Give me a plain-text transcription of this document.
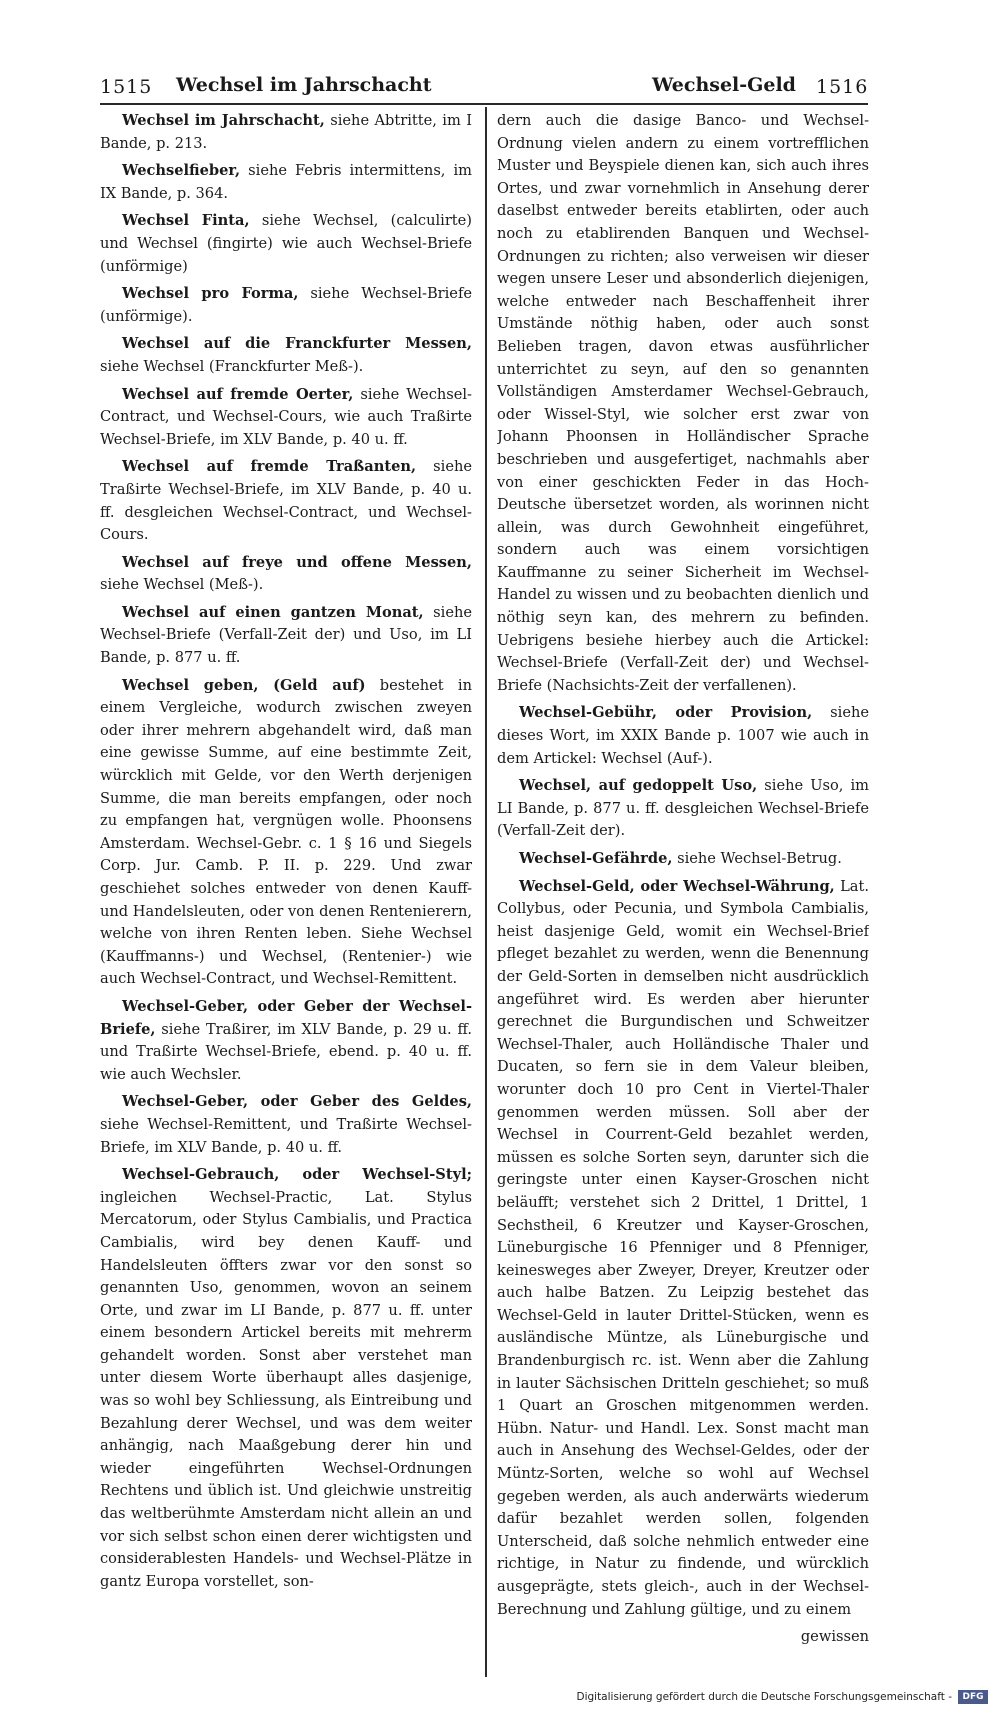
1515 Wechsel im Jahrschacht	Wechsel-Geld 1516

Wechsel im Jahrschacht, siehe Abtritte, im I Bande, p. 213.

Wechselfieber, siehe Febris intermittens, im IX Bande, p. 364.

Wechsel Finta, siehe Wechsel, (calculirte) und Wechsel (fingirte) wie auch Wechsel-Briefe (unförmige)

Wechsel pro Forma, siehe Wechsel-Briefe (unförmige).

Wechsel auf die Franckfurter Messen, siehe Wechsel (Franckfurter Meß-).

Wechsel auf fremde Oerter, siehe Wechsel-Contract, und Wechsel-Cours, wie auch Traßirte Wechsel-Briefe, im XLV Bande, p. 40 u. ff.

Wechsel auf fremde Traßanten, siehe Traßirte Wechsel-Briefe, im XLV Bande, p. 40 u. ff. desgleichen Wechsel-Contract, und Wechsel-Cours.

Wechsel auf freye und offene Messen, siehe Wechsel (Meß-).

Wechsel auf einen gantzen Monat, siehe Wechsel-Briefe (Verfall-Zeit der) und Uso, im LI Bande, p. 877 u. ff.

Wechsel geben, (Geld auf) bestehet in einem Vergleiche, wodurch zwischen zweyen oder ihrer mehrern abgehandelt wird, daß man eine gewisse Summe, auf eine bestimmte Zeit, würcklich mit Gelde, vor den Werth derjenigen Summe, die man bereits empfangen, oder noch zu empfangen hat, vergnügen wolle. Phoonsens Amsterdam. Wechsel-Gebr. c. 1 § 16 und Siegels Corp. Jur. Camb. P. II. p. 229. Und zwar geschiehet solches entweder von denen Kauff- und Handelsleuten, oder von denen Rentenierern, welche von ihren Renten leben. Siehe Wechsel (Kauffmanns-) und Wechsel, (Rentenier-) wie auch Wechsel-Contract, und Wechsel-Remittent.

Wechsel-Geber, oder Geber der Wechsel-Briefe, siehe Traßirer, im XLV Bande, p. 29 u. ff. und Traßirte Wechsel-Briefe, ebend. p. 40 u. ff. wie auch Wechsler.

Wechsel-Geber, oder Geber des Geldes, siehe Wechsel-Remittent, und Traßirte Wechsel-Briefe, im XLV Bande, p. 40 u. ff.

Wechsel-Gebrauch, oder Wechsel-Styl; ingleichen Wechsel-Practic, Lat. Stylus Mercatorum, oder Stylus Cambialis, und Practica Cambialis, wird bey denen Kauff- und Handelsleuten öffters zwar vor den sonst so genannten Uso, genommen, wovon an seinem Orte, und zwar im LI Bande, p. 877 u. ff. unter einem besondern Artickel bereits mit mehrerm gehandelt worden. Sonst aber verstehet man unter diesem Worte überhaupt alles dasjenige, was so wohl bey Schliessung, als Eintreibung und Bezahlung derer Wechsel, und was dem weiter anhängig, nach Maaßgebung derer hin und wieder eingeführten Wechsel-Ordnungen Rechtens und üblich ist. Und gleichwie unstreitig das weltberühmte Amsterdam nicht allein an und vor sich selbst schon einen derer wichtigsten und considerablesten Handels- und Wechsel-Plätze in gantz Europa vorstellet, son-

dern auch die dasige Banco- und Wechsel-Ordnung vielen andern zu einem vortrefflichen Muster und Beyspiele dienen kan, sich auch ihres Ortes, und zwar vornehmlich in Ansehung derer daselbst entweder bereits etablirten, oder auch noch zu etablirenden Banquen und Wechsel-Ordnungen zu richten; also verweisen wir dieser wegen unsere Leser und absonderlich diejenigen, welche entweder nach Beschaffenheit ihrer Umstände nöthig haben, oder auch sonst Belieben tragen, davon etwas ausführlicher unterrichtet zu seyn, auf den so genannten Vollständigen Amsterdamer Wechsel-Gebrauch, oder Wissel-Styl, wie solcher erst zwar von Johann Phoonsen in Holländischer Sprache beschrieben und ausgefertiget, nachmahls aber von einer geschickten Feder in das Hoch-Deutsche übersetzet worden, als worinnen nicht allein, was durch Gewohnheit eingeführet, sondern auch was einem vorsichtigen Kauffmanne zu seiner Sicherheit im Wechsel-Handel zu wissen und zu beobachten dienlich und nöthig seyn kan, des mehrern zu befinden. Uebrigens besiehe hierbey auch die Artickel: Wechsel-Briefe (Verfall-Zeit der) und Wechsel-Briefe (Nachsichts-Zeit der verfallenen).

Wechsel-Gebühr, oder Provision, siehe dieses Wort, im XXIX Bande p. 1007 wie auch in dem Artickel: Wechsel (Auf-).

Wechsel, auf gedoppelt Uso, siehe Uso, im LI Bande, p. 877 u. ff. desgleichen Wechsel-Briefe (Verfall-Zeit der).

Wechsel-Gefährde, siehe Wechsel-Betrug.

Wechsel-Geld, oder Wechsel-Währung, Lat. Collybus, oder Pecunia, und Symbola Cambialis, heist dasjenige Geld, womit ein Wechsel-Brief pfleget bezahlet zu werden, wenn die Benennung der Geld-Sorten in demselben nicht ausdrücklich angeführet wird. Es werden aber hierunter gerechnet die Burgundischen und Schweitzer Wechsel-Thaler, auch Holländische Thaler und Ducaten, so fern sie in dem Valeur bleiben, worunter doch 10 pro Cent in Viertel-Thaler genommen werden müssen. Soll aber der Wechsel in Courrent-Geld bezahlet werden, müssen es solche Sorten seyn, darunter sich die geringste unter einen Kayser-Groschen nicht beläufft; verstehet sich 2 Drittel, 1 Drittel, 1 Sechstheil, 6 Kreutzer und Kayser-Groschen, Lüneburgische 16 Pfenniger und 8 Pfenniger, keinesweges aber Zweyer, Dreyer, Kreutzer oder auch halbe Batzen. Zu Leipzig bestehet das Wechsel-Geld in lauter Drittel-Stücken, wenn es ausländische Müntze, als Lüneburgische und Brandenburgisch rc. ist. Wenn aber die Zahlung in lauter Sächsischen Dritteln geschiehet; so muß 1 Quart an Groschen mitgenommen werden. Hübn. Natur- und Handl. Lex. Sonst macht man auch in Ansehung des Wechsel-Geldes, oder der Müntz-Sorten, welche so wohl auf Wechsel gegeben werden, als auch anderwärts wiederum dafür bezahlet werden sollen, folgenden Unterscheid, daß solche nehmlich entweder eine richtige, in Natur zu findende, und würcklich ausgeprägte, stets gleich-, auch in der Wechsel-Berechnung und Zahlung gültige, und zu einem

gewissen

Digitalisierung gefördert durch die Deutsche Forschungsgemeinschaft -	DFG
